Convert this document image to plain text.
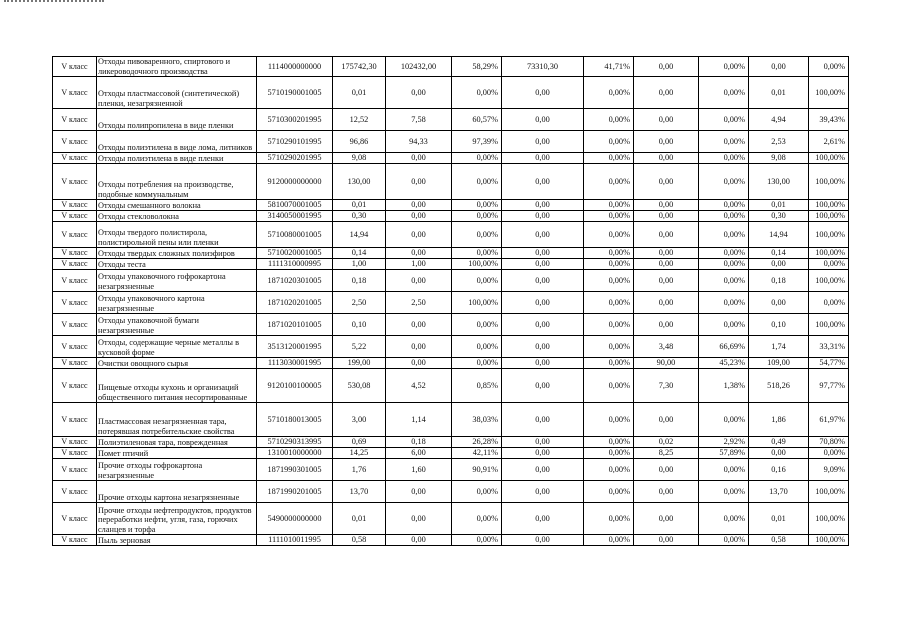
V класс	Отходы пивоваренного, спиртового и ликероводочного производства	1114000000000	175742,30	102432,00	58,29%	73310,30	41,71%	0,00	0,00%	0,00	0,00%
V класс	Отходы пластмассовой (синтетической) пленки, незагрязненной	5710190001005	0,01	0,00	0,00%	0,00	0,00%	0,00	0,00%	0,01	100,00%
V класс	Отходы полипропилена в виде пленки	5710300201995	12,52	7,58	60,57%	0,00	0,00%	0,00	0,00%	4,94	39,43%
V класс	Отходы полиэтилена в виде лома, литников	5710290101995	96,86	94,33	97,39%	0,00	0,00%	0,00	0,00%	2,53	2,61%
V класс	Отходы полиэтилена в виде пленки	5710290201995	9,08	0,00	0,00%	0,00	0,00%	0,00	0,00%	9,08	100,00%
V класс	Отходы потребления на производстве, подобные коммунальным	9120000000000	130,00	0,00	0,00%	0,00	0,00%	0,00	0,00%	130,00	100,00%
V класс	Отходы смешанного волокна	5810070001005	0,01	0,00	0,00%	0,00	0,00%	0,00	0,00%	0,01	100,00%
V класс	Отходы стекловолокна	3140050001995	0,30	0,00	0,00%	0,00	0,00%	0,00	0,00%	0,30	100,00%
V класс	Отходы твердого полистирола, полистирольной пены или пленки	5710080001005	14,94	0,00	0,00%	0,00	0,00%	0,00	0,00%	14,94	100,00%
V класс	Отходы твердых сложных полиэфиров	5710020001005	0,14	0,00	0,00%	0,00	0,00%	0,00	0,00%	0,14	100,00%
V класс	Отходы теста	1111310000995	1,00	1,00	100,00%	0,00	0,00%	0,00	0,00%	0,00	0,00%
V класс	Отходы упаковочного гофрокартона незагрязненные	1871020301005	0,18	0,00	0,00%	0,00	0,00%	0,00	0,00%	0,18	100,00%
V класс	Отходы упаковочного картона незагрязненные	1871020201005	2,50	2,50	100,00%	0,00	0,00%	0,00	0,00%	0,00	0,00%
V класс	Отходы упаковочной бумаги незагрязненные	1871020101005	0,10	0,00	0,00%	0,00	0,00%	0,00	0,00%	0,10	100,00%
V класс	Отходы, содержащие черные металлы в кусковой форме	3513120001995	5,22	0,00	0,00%	0,00	0,00%	3,48	66,69%	1,74	33,31%
V класс	Очистки овощного сырья	1113030001995	199,00	0,00	0,00%	0,00	0,00%	90,00	45,23%	109,00	54,77%
V класс	Пищевые отходы кухонь и организаций общественного питания несортированные	9120100100005	530,08	4,52	0,85%	0,00	0,00%	7,30	1,38%	518,26	97,77%
V класс	Пластмассовая незагрязненная тара, потерявшая потребительские свойства	5710180013005	3,00	1,14	38,03%	0,00	0,00%	0,00	0,00%	1,86	61,97%
V класс	Полиэтиленовая тара, поврежденная	5710290313995	0,69	0,18	26,28%	0,00	0,00%	0,02	2,92%	0,49	70,80%
V класс	Помет птичий	1310010000000	14,25	6,00	42,11%	0,00	0,00%	8,25	57,89%	0,00	0,00%
V класс	Прочие отходы гофрокартона незагрязненные	1871990301005	1,76	1,60	90,91%	0,00	0,00%	0,00	0,00%	0,16	9,09%
V класс	Прочие отходы картона незагрязненные	1871990201005	13,70	0,00	0,00%	0,00	0,00%	0,00	0,00%	13,70	100,00%
V класс	Прочие отходы нефтепродуктов, продуктов переработки нефти, угля, газа, горючих сланцев и торфа	5490000000000	0,01	0,00	0,00%	0,00	0,00%	0,00	0,00%	0,01	100,00%
V класс	Пыль зерновая	1111010011995	0,58	0,00	0,00%	0,00	0,00%	0,00	0,00%	0,58	100,00%
